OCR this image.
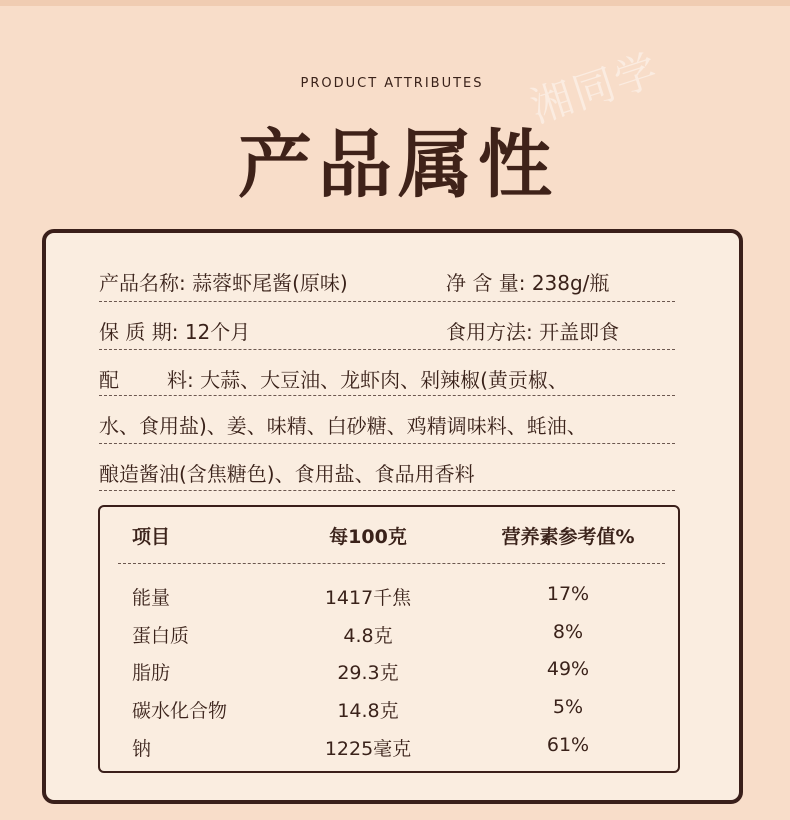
湘同学
PRODUCT ATTRIBUTES
产品属性
产品名称: 蒜蓉虾尾酱(原味)	净 含 量: 238g/瓶
保 质 期: 12个月	食用方法: 开盖即食
配 料: 大蒜、大豆油、龙虾肉、剁辣椒(黄贡椒、
水、食用盐)、姜、味精、白砂糖、鸡精调味料、蚝油、
酿造酱油(含焦糖色)、食用盐、食品用香料
项目	每100克	营养素参考值%
能量	1417千焦	17%
蛋白质	4.8克	8%
脂肪	29.3克	49%
碳水化合物	14.8克	5%
钠	1225毫克	61%
